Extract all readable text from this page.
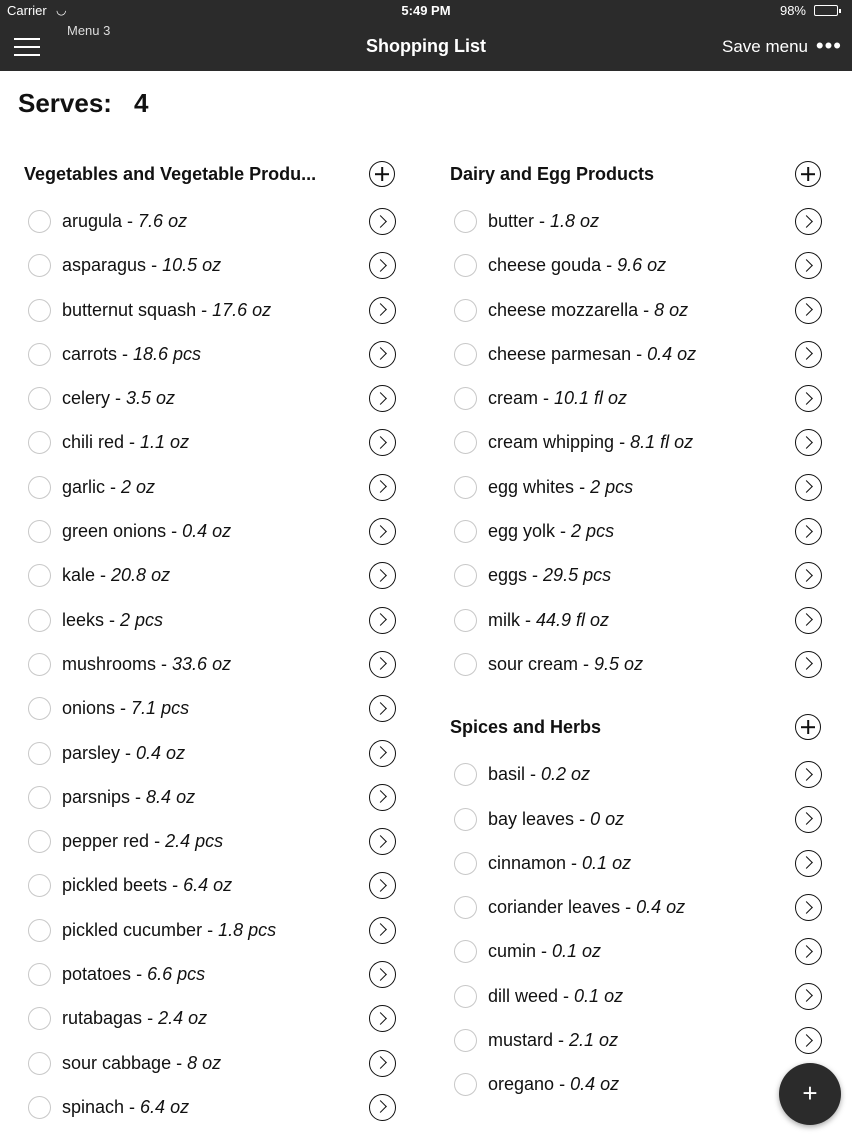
Carrier ◡	5:49 PM	98%
Menu 3
Shopping List	Save menu •••
Serves: 4
Vegetables and Vegetable Produ...
arugula - 7.6 oz
asparagus - 10.5 oz
butternut squash - 17.6 oz
carrots - 18.6 pcs
celery - 3.5 oz
chili red - 1.1 oz
garlic - 2 oz
green onions - 0.4 oz
kale - 20.8 oz
leeks - 2 pcs
mushrooms - 33.6 oz
onions - 7.1 pcs
parsley - 0.4 oz
parsnips - 8.4 oz
pepper red - 2.4 pcs
pickled beets - 6.4 oz
pickled cucumber - 1.8 pcs
potatoes - 6.6 pcs
rutabagas - 2.4 oz
sour cabbage - 8 oz
spinach - 6.4 oz
Dairy and Egg Products
butter - 1.8 oz
cheese gouda - 9.6 oz
cheese mozzarella - 8 oz
cheese parmesan - 0.4 oz
cream - 10.1 fl oz
cream whipping - 8.1 fl oz
egg whites - 2 pcs
egg yolk - 2 pcs
eggs - 29.5 pcs
milk - 44.9 fl oz
sour cream - 9.5 oz
Spices and Herbs
basil - 0.2 oz
bay leaves - 0 oz
cinnamon - 0.1 oz
coriander leaves - 0.4 oz
cumin - 0.1 oz
dill weed - 0.1 oz
mustard - 2.1 oz
oregano - 0.4 oz	+
